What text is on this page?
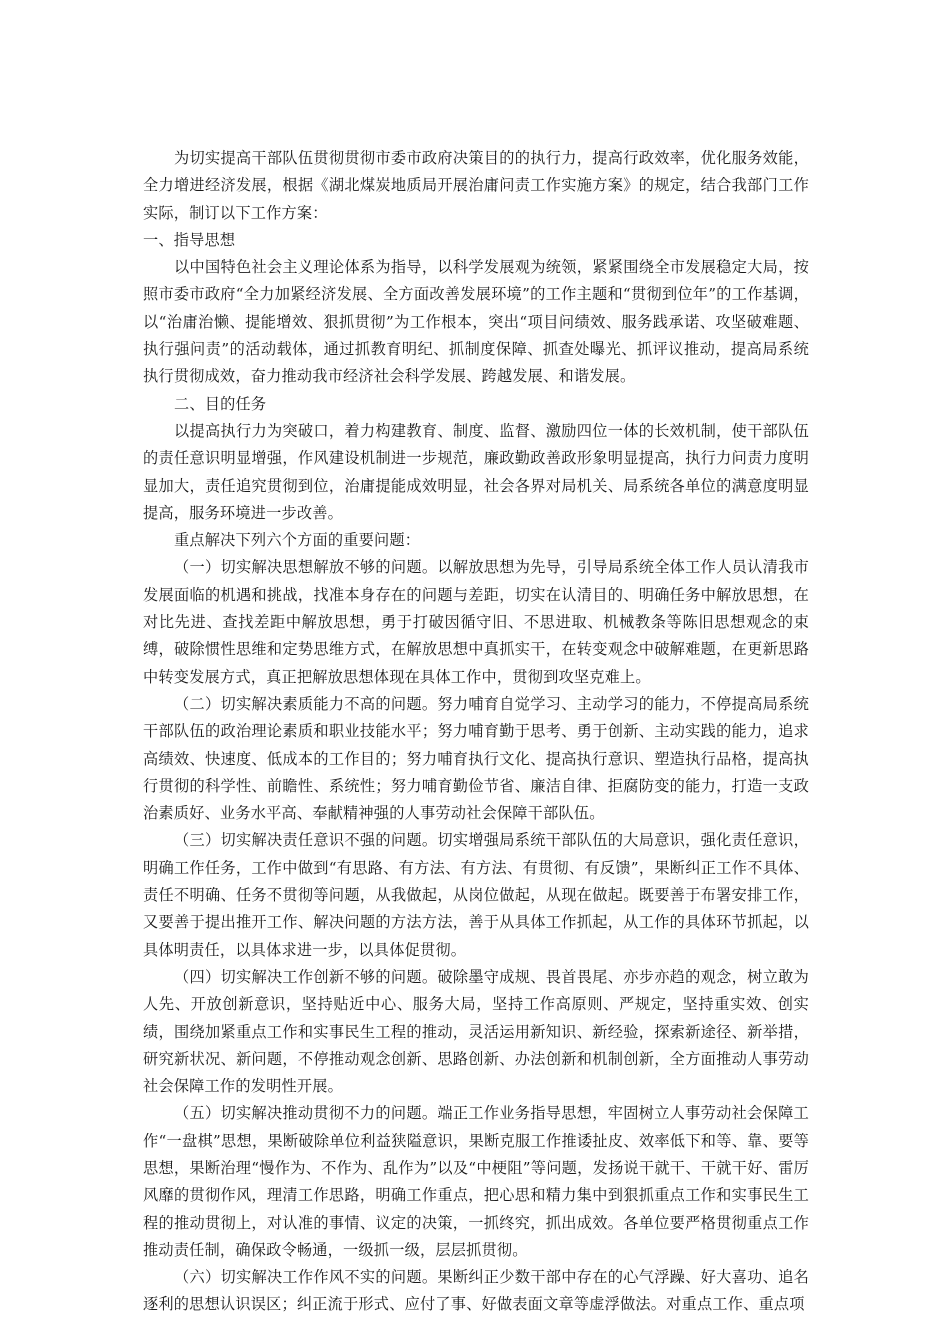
为切实提高干部队伍贯彻贯彻市委市政府决策目的的执行力，提高行政效率，优化服务效能，全力增进经济发展，根据《湖北煤炭地质局开展治庸问责工作实施方案》的规定，结合我部门工作实际，制订以下工作方案：

一、指导思想

以中国特色社会主义理论体系为指导，以科学发展观为统领，紧紧围绕全市发展稳定大局，按照市委市政府“全力加紧经济发展、全方面改善发展环境”的工作主题和“贯彻到位年”的工作基调，以“治庸治懒、提能增效、狠抓贯彻”为工作根本，突出“项目问绩效、服务践承诺、攻坚破难题、执行强问责”的活动载体，通过抓教育明纪、抓制度保障、抓查处曝光、抓评议推动，提高局系统执行贯彻成效，奋力推动我市经济社会科学发展、跨越发展、和谐发展。

二、目的任务

以提高执行力为突破口，着力构建教育、制度、监督、激励四位一体的长效机制，使干部队伍的责任意识明显增强，作风建设机制进一步规范，廉政勤政善政形象明显提高，执行力问责力度明显加大，责任追究贯彻到位，治庸提能成效明显，社会各界对局机关、局系统各单位的满意度明显提高，服务环境进一步改善。

重点解决下列六个方面的重要问题：

（一）切实解决思想解放不够的问题。以解放思想为先导，引导局系统全体工作人员认清我市发展面临的机遇和挑战，找准本身存在的问题与差距，切实在认清目的、明确任务中解放思想，在对比先进、查找差距中解放思想，勇于打破因循守旧、不思进取、机械教条等陈旧思想观念的束缚，破除惯性思维和定势思维方式，在解放思想中真抓实干，在转变观念中破解难题，在更新思路中转变发展方式，真正把解放思想体现在具体工作中，贯彻到攻坚克难上。

（二）切实解决素质能力不高的问题。努力哺育自觉学习、主动学习的能力，不停提高局系统干部队伍的政治理论素质和职业技能水平；努力哺育勤于思考、勇于创新、主动实践的能力，追求高绩效、快速度、低成本的工作目的；努力哺育执行文化、提高执行意识、塑造执行品格，提高执行贯彻的科学性、前瞻性、系统性；努力哺育勤俭节省、廉洁自律、拒腐防变的能力，打造一支政治素质好、业务水平高、奉献精神强的人事劳动社会保障干部队伍。

（三）切实解决责任意识不强的问题。切实增强局系统干部队伍的大局意识，强化责任意识，明确工作任务，工作中做到“有思路、有方法、有方法、有贯彻、有反馈”，果断纠正工作不具体、责任不明确、任务不贯彻等问题，从我做起，从岗位做起，从现在做起。既要善于布署安排工作，又要善于提出推开工作、解决问题的方法方法，善于从具体工作抓起，从工作的具体环节抓起，以具体明责任，以具体求进一步，以具体促贯彻。

（四）切实解决工作创新不够的问题。破除墨守成规、畏首畏尾、亦步亦趋的观念，树立敢为人先、开放创新意识，坚持贴近中心、服务大局，坚持工作高原则、严规定，坚持重实效、创实绩，围绕加紧重点工作和实事民生工程的推动，灵活运用新知识、新经验，探索新途径、新举措，研究新状况、新问题，不停推动观念创新、思路创新、办法创新和机制创新，全方面推动人事劳动社会保障工作的发明性开展。

（五）切实解决推动贯彻不力的问题。端正工作业务指导思想，牢固树立人事劳动社会保障工作“一盘棋”思想，果断破除单位利益狭隘意识，果断克服工作推诿扯皮、效率低下和等、靠、要等思想，果断治理“慢作为、不作为、乱作为”以及“中梗阻”等问题，发扬说干就干、干就干好、雷厉风靡的贯彻作风，理清工作思路，明确工作重点，把心思和精力集中到狠抓重点工作和实事民生工程的推动贯彻上，对认准的事情、议定的决策，一抓终究，抓出成效。各单位要严格贯彻重点工作推动责任制，确保政令畅通，一级抓一级，层层抓贯彻。

（六）切实解决工作作风不实的问题。果断纠正少数干部中存在的心气浮躁、好大喜功、追名逐利的思想认识误区；纠正流于形式、应付了事、好做表面文章等虚浮做法。对重点工作、重点项
